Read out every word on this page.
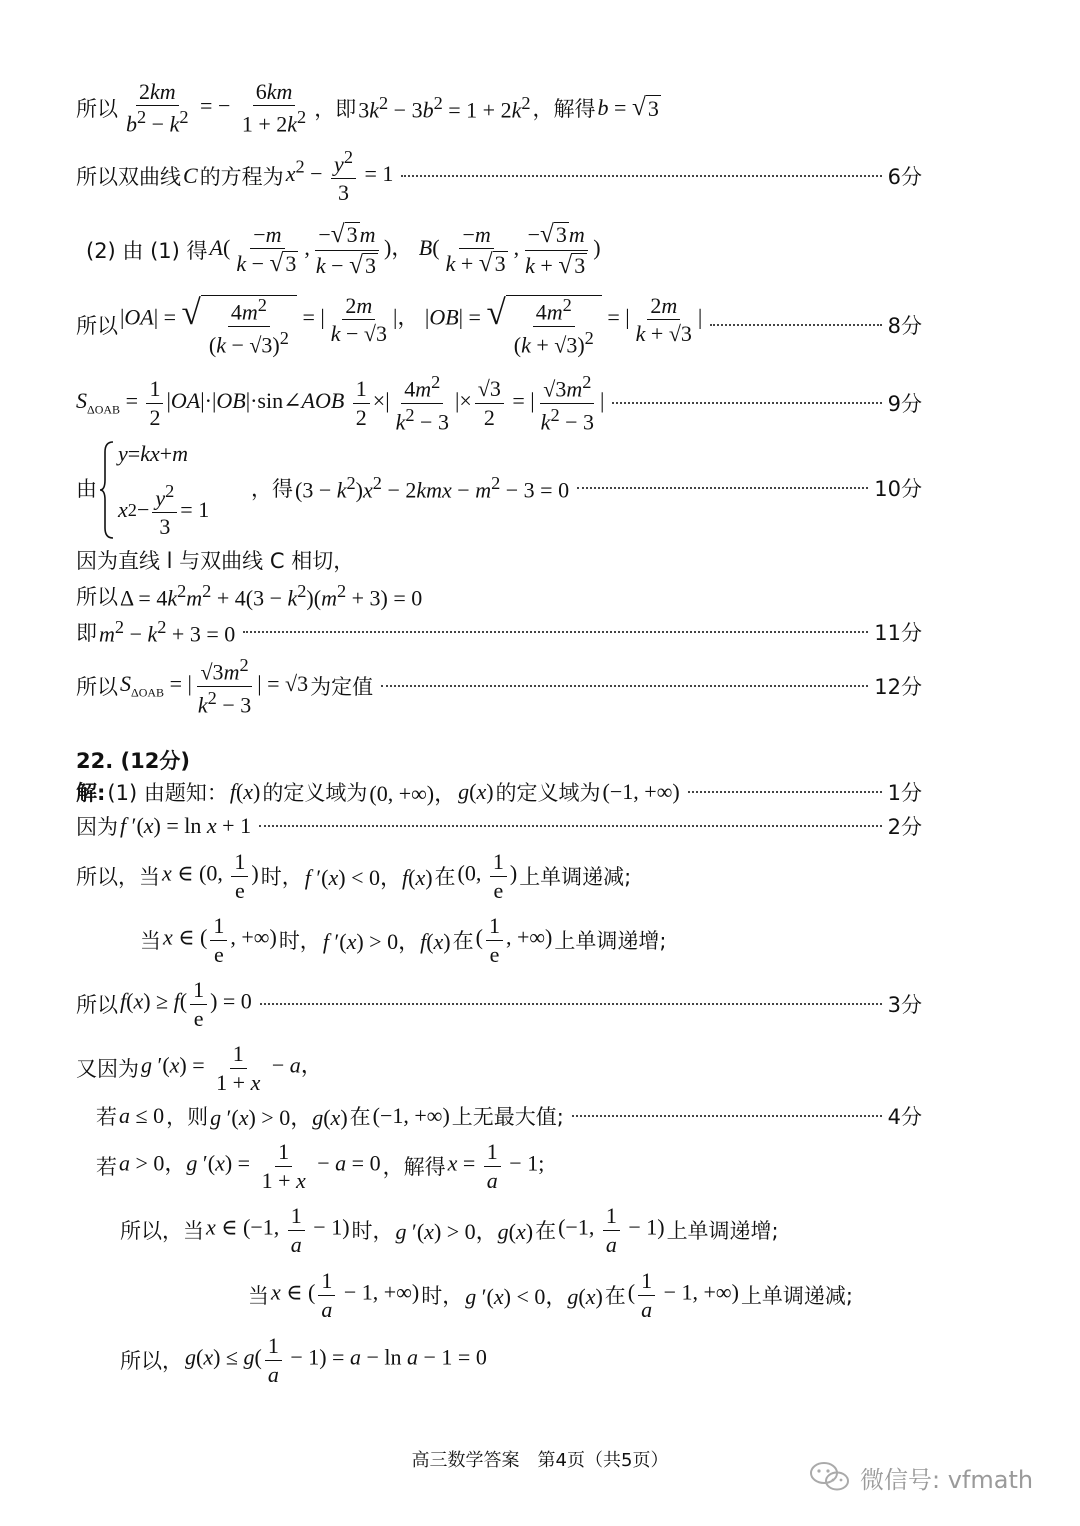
所以 $\frac{2km}{b^2 - k^2}$ = − $\frac{6km}{1 + 2k^2}$ ，即 $3k^2 - 3b^2 = 1 + 2k^2$ ，解得 b = √ 3
所以双曲线 C 的方程为 $x^2 - \frac{y^2}{3} = 1$	6分
(2) 由 (1) 得 $A( \frac{-m}{k - √ 3}$ , $\frac{- √ 3 m}{k - √ 3}$ )， $B( \frac{-m}{k + √ 3}$ , $\frac{- √ 3 m}{k + √ 3}$ )
所以 |OA| = √ $\frac{4m^2}{(k - √3)^2}$ = | $\frac{2m}{k - √3}$ |， |OB| = √ $\frac{4m^2}{(k + √3)^2}$ = | $\frac{2m}{k + √3}$ |	8分
$S_{\Delta OAB} = \frac{1}{2}$ |OA|·|OB|·sin∠AOB $\frac{1}{2}$ ×| $\frac{4m^2}{k^2 - 3}$ |× $\frac{√3}{2}$ = | $\frac{√3m^2}{k^2 - 3}$ |	9分
由	，得 $(3 - k^2)x^2 - 2kmx - m^2 - 3 = 0$	10分
y = kx + m
x $2 - \frac{y^2}{3} = 1$
因为直线 l 与双曲线 C 相切，
所以 $\Delta = 4k^2m^2 + 4(3 - k^2)(m^2 + 3) = 0$
即 $m^2 - k^2 + 3 = 0$	11分
所以 $S_{\Delta OAB}$ = | $\frac{√3m^2}{k^2 - 3}$ | = √3 为定值	12分
22. (12分)
解: (1) 由题知： f(x) 的定义域为 (0, +∞)， g(x) 的定义域为 (−1, +∞)	1分
因为 f ′(x) = ln x + 1	2分
所以，当 x ∈ (0, $\frac{1}{e}$ ) 时， f ′(x) < 0，f(x) 在 (0, $\frac{1}{e}$ ) 上单调递减;
当 x ∈ ( $\frac{1}{e}$ , +∞) 时， f ′(x) > 0，f(x) 在 ( $\frac{1}{e}$ , +∞) 上单调递增;
所以 $f(x) \ge f( \frac{1}{e}$ ) = 0	3分
又因为 g $'(x) = \frac{1}{1 + x} - a$，
若 a ≤ 0 ，则 g ′(x) > 0，g(x) 在 (−1, +∞) 上无最大值;	4分
若 a > 0，g $'(x) = \frac{1}{1 + x} - a = 0$ ，解得 $x = \frac{1}{a} - 1$;
所以，当 x ∈ (−1, $\frac{1}{a} - 1$) 时， g ′(x) > 0，g(x) 在 (−1, $\frac{1}{a} - 1$) 上单调递增;
当 x ∈ ( $\frac{1}{a} - 1$, +∞) 时， g ′(x) < 0，g(x) 在 ( $\frac{1}{a} - 1$, +∞) 上单调递减;
所以， $g(x) \le g( \frac{1}{a} - 1) = a - \ln a - 1 = 0$
高三数学答案　第4页（共5页）
微信号: vfmath
